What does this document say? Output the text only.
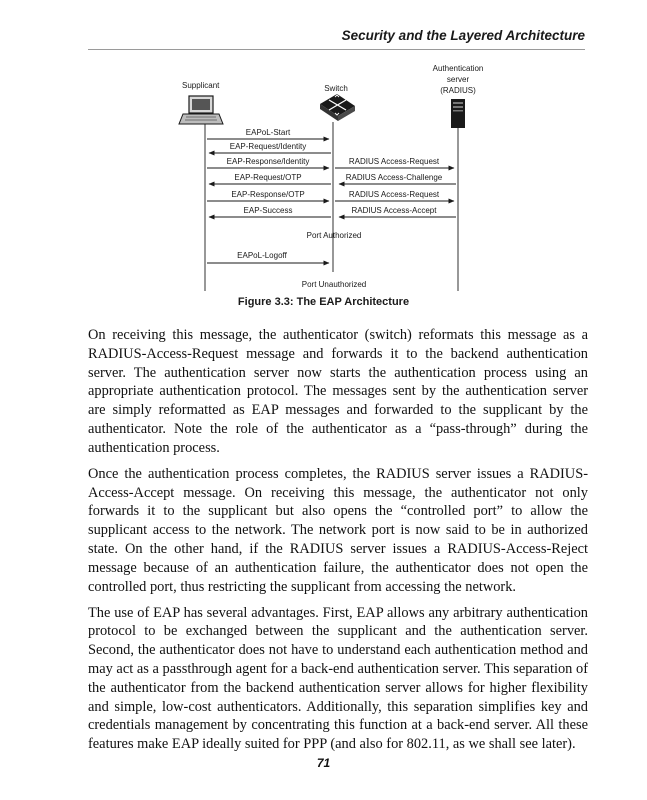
Security and the Layered Architecture
Supplicant	Switch
Authentication
server
(RADIUS)
EAPoL-Start
EAP-Request/Identity
EAP-Response/Identity	RADIUS Access-Request
EAP-Request/OTP	RADIUS Access-Challenge
EAP-Response/OTP	RADIUS Access-Request
EAP-Success	RADIUS Access-Accept
Port Authorized
EAPoL-Logoff
Port Unauthorized
Figure 3.3: The EAP Architecture

On receiving this message, the authenticator (switch) reformats this message as a RADIUS-Access-Request message and forwards it to the backend authentication server. The authentication server now starts the authentication process using an appropriate authentication protocol. The messages sent by the authentication server are simply reformatted as EAP messages and forwarded to the supplicant by the authenticator. Note the role of the authenticator as a “pass-through” during the authentication process.

Once the authentication process completes, the RADIUS server issues a RADIUS-Access-Accept message. On receiving this message, the authenticator not only forwards it to the supplicant but also opens the “controlled port” to allow the supplicant access to the network. The network port is now said to be in authorized state. On the other hand, if the RADIUS server issues a RADIUS-Access-Reject message because of an authentication failure, the authenticator does not open the controlled port, thus restricting the supplicant from accessing the network.

The use of EAP has several advantages. First, EAP allows any arbitrary authentication protocol to be exchanged between the supplicant and the authentication server. Second, the authenticator does not have to understand each authentication method and may act as a passthrough agent for a back-end authentication server. This separation of the authenticator from the backend authentication server allows for higher flexibility and simple, low-cost authenticators. Additionally, this separation simplifies key and credentials management by concentrating this function at a back-end server. All these features make EAP ideally suited for PPP (and also for 802.11, as we shall see later).

71
